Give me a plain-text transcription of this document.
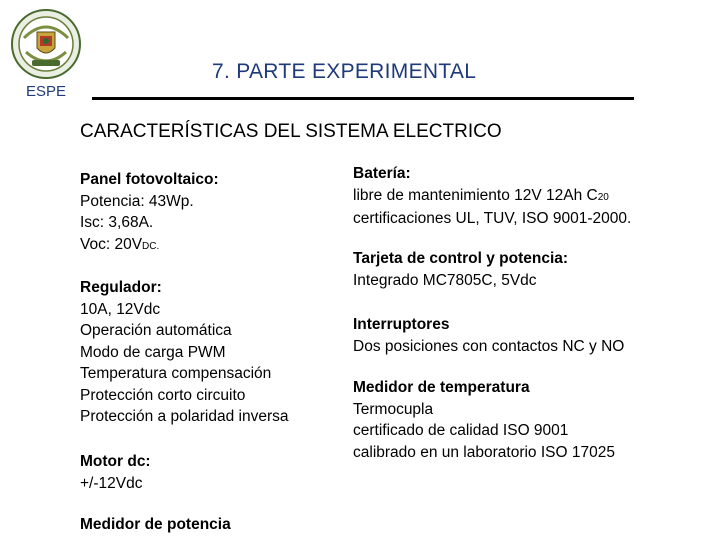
ESPE
7. PARTE EXPERIMENTAL
CARACTERÍSTICAS DEL SISTEMA ELECTRICO
Panel fotovoltaico:
Potencia: 43Wp.
Isc: 3,68A.
Voc: 20VDC.
Regulador:
10A, 12Vdc
Operación automática
Modo de carga PWM
Temperatura compensación
Protección corto circuito
Protección a polaridad inversa
Motor dc:
+/-12Vdc
Medidor de potencia
Batería:
libre de mantenimiento 12V 12Ah C20
certificaciones UL, TUV, ISO 9001-2000.
Tarjeta de control y potencia:
Integrado MC7805C, 5Vdc
Interruptores
Dos posiciones con contactos NC y NO
Medidor de temperatura
Termocupla
certificado de calidad ISO 9001
calibrado en un laboratorio ISO 17025
